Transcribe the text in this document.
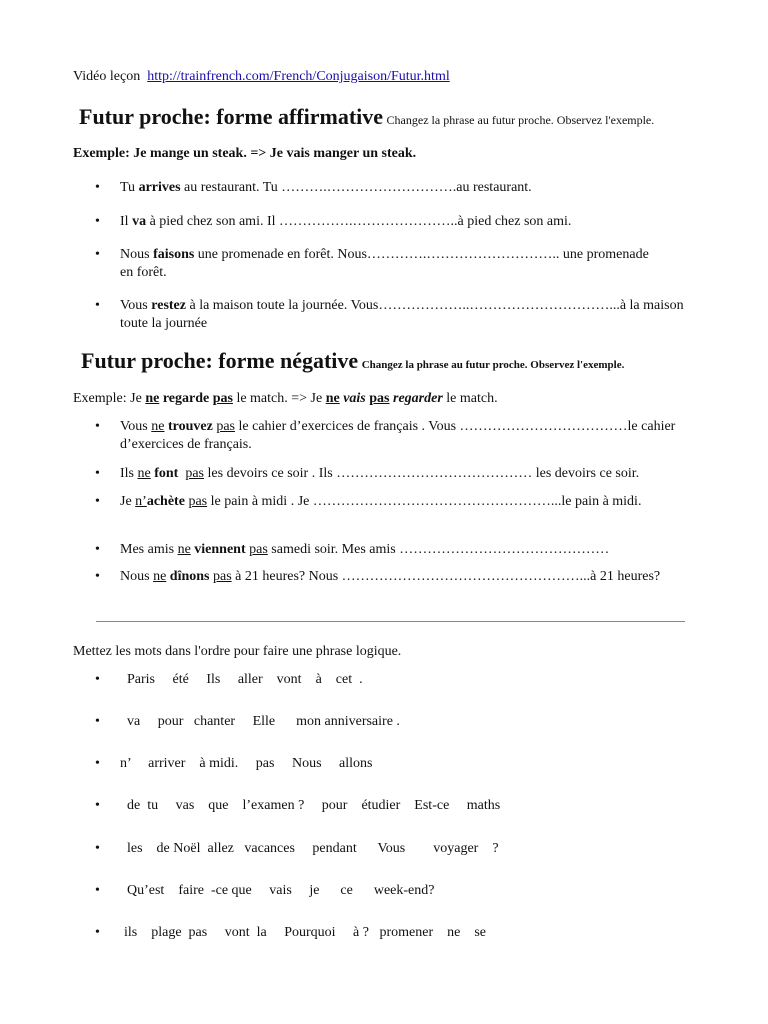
Vidéo leçon http://trainfrench.com/French/Conjugaison/Futur.html
Futur proche: forme affirmative Changez la phrase au futur proche. Observez l'exemple.
Exemple: Je mange un steak. => Je vais manger un steak.
• Tu arrives au restaurant. Tu ……….……………………….au restaurant.
• Il va à pied chez son ami. Il …………….…………………..à pied chez son ami.
• Nous faisons une promenade en forêt. Nous………….……………………….. une promenade en forêt.
• Vous restez à la maison toute la journée. Vous………………..…………………………...à la maison toute la journée
Futur proche: forme négative Changez la phrase au futur proche. Observez l'exemple.
Exemple: Je ne regarde pas le match. => Je ne vais pas regarder le match.
• Vous ne trouvez pas le cahier d’exercices de français . Vous ………………………………le cahier d’exercices de français.
• Ils ne font pas les devoirs ce soir . Ils …………………………………… les devoirs ce soir.
• Je n’achète pas le pain à midi . Je ……………………………………………...le pain à midi.
• Mes amis ne viennent pas samedi soir. Mes amis ………………………………………
• Nous ne dînons pas à 21 heures? Nous ……………………………………………...à 21 heures?
Mettez les mots dans l'ordre pour faire une phrase logique.
• Paris     été     Ils     aller    vont    à    cet  .
• va     pour   chanter     Elle      mon anniversaire .
• n’     arriver    à midi.     pas     Nous     allons
• de  tu     vas    que    l’examen ?     pour    étudier    Est-ce     maths
• les    de Noël  allez   vacances     pendant      Vous        voyager    ?
• Qu’est    faire  -ce que     vais     je      ce      week-end?
• ils    plage  pas     vont  la     Pourquoi     à ?   promener    ne    se
